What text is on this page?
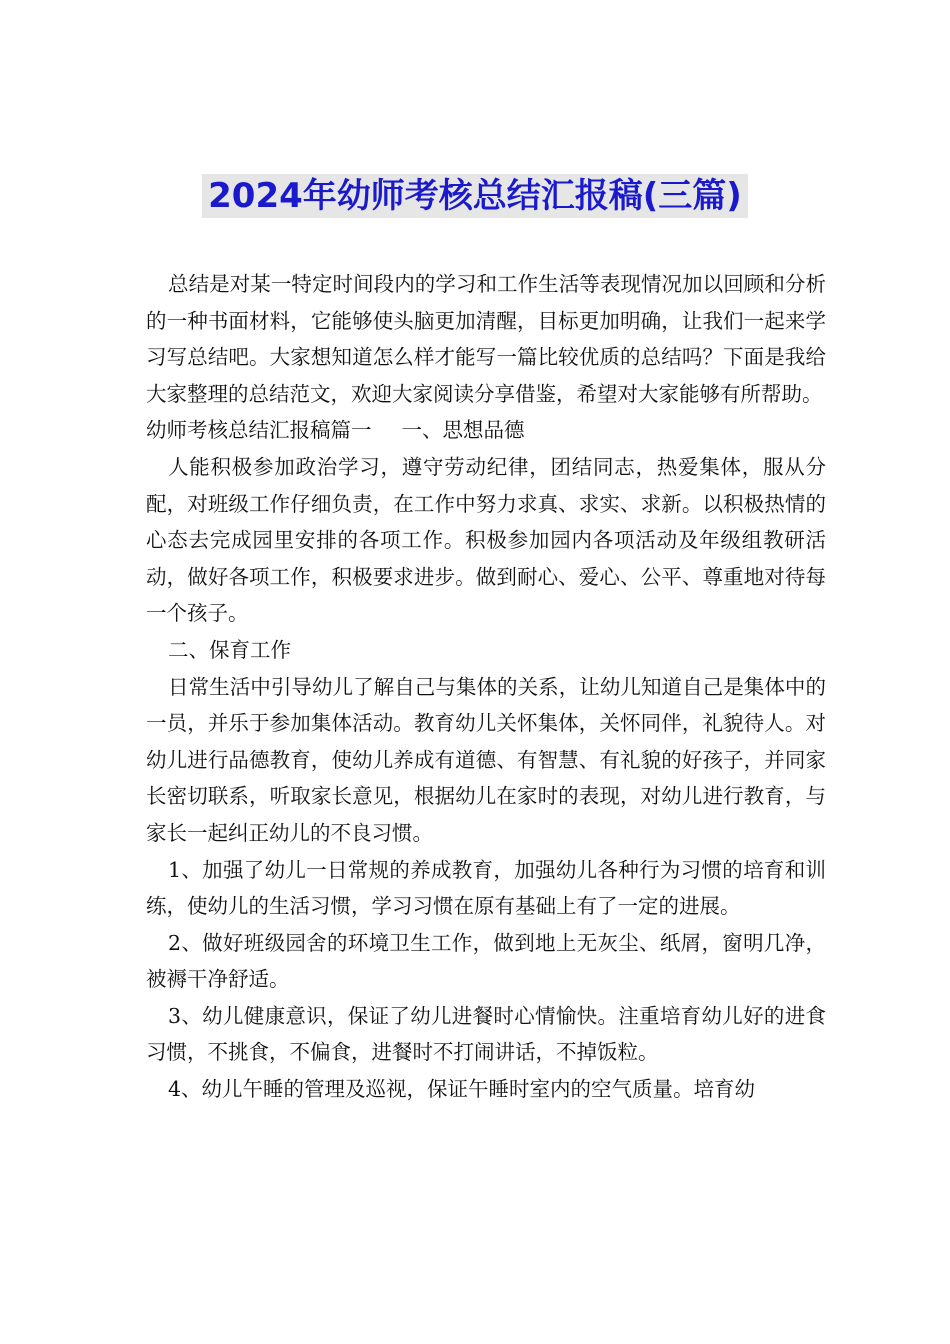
2024年幼师考核总结汇报稿(三篇)

总结是对某一特定时间段内的学习和工作生活等表现情况加以回顾和分析的一种书面材料，它能够使头脑更加清醒，目标更加明确，让我们一起来学习写总结吧。大家想知道怎么样才能写一篇比较优质的总结吗？下面是我给大家整理的总结范文，欢迎大家阅读分享借鉴，希望对大家能够有所帮助。

幼师考核总结汇报稿篇一 一、思想品德

人能积极参加政治学习，遵守劳动纪律，团结同志，热爱集体，服从分配，对班级工作仔细负责，在工作中努力求真、求实、求新。以积极热情的心态去完成园里安排的各项工作。积极参加园内各项活动及年级组教研活动，做好各项工作，积极要求进步。做到耐心、爱心、公平、尊重地对待每一个孩子。

二、保育工作

日常生活中引导幼儿了解自己与集体的关系，让幼儿知道自己是集体中的一员，并乐于参加集体活动。教育幼儿关怀集体，关怀同伴，礼貌待人。对幼儿进行品德教育，使幼儿养成有道德、有智慧、有礼貌的好孩子，并同家长密切联系，听取家长意见，根据幼儿在家时的表现，对幼儿进行教育，与家长一起纠正幼儿的不良习惯。

1、加强了幼儿一日常规的养成教育，加强幼儿各种行为习惯的培育和训练，使幼儿的生活习惯，学习习惯在原有基础上有了一定的进展。

2、做好班级园舍的环境卫生工作，做到地上无灰尘、纸屑，窗明几净，被褥干净舒适。

3、幼儿健康意识，保证了幼儿进餐时心情愉快。注重培育幼儿好的进食习惯，不挑食，不偏食，进餐时不打闹讲话，不掉饭粒。

4、幼儿午睡的管理及巡视，保证午睡时室内的空气质量。培育幼
